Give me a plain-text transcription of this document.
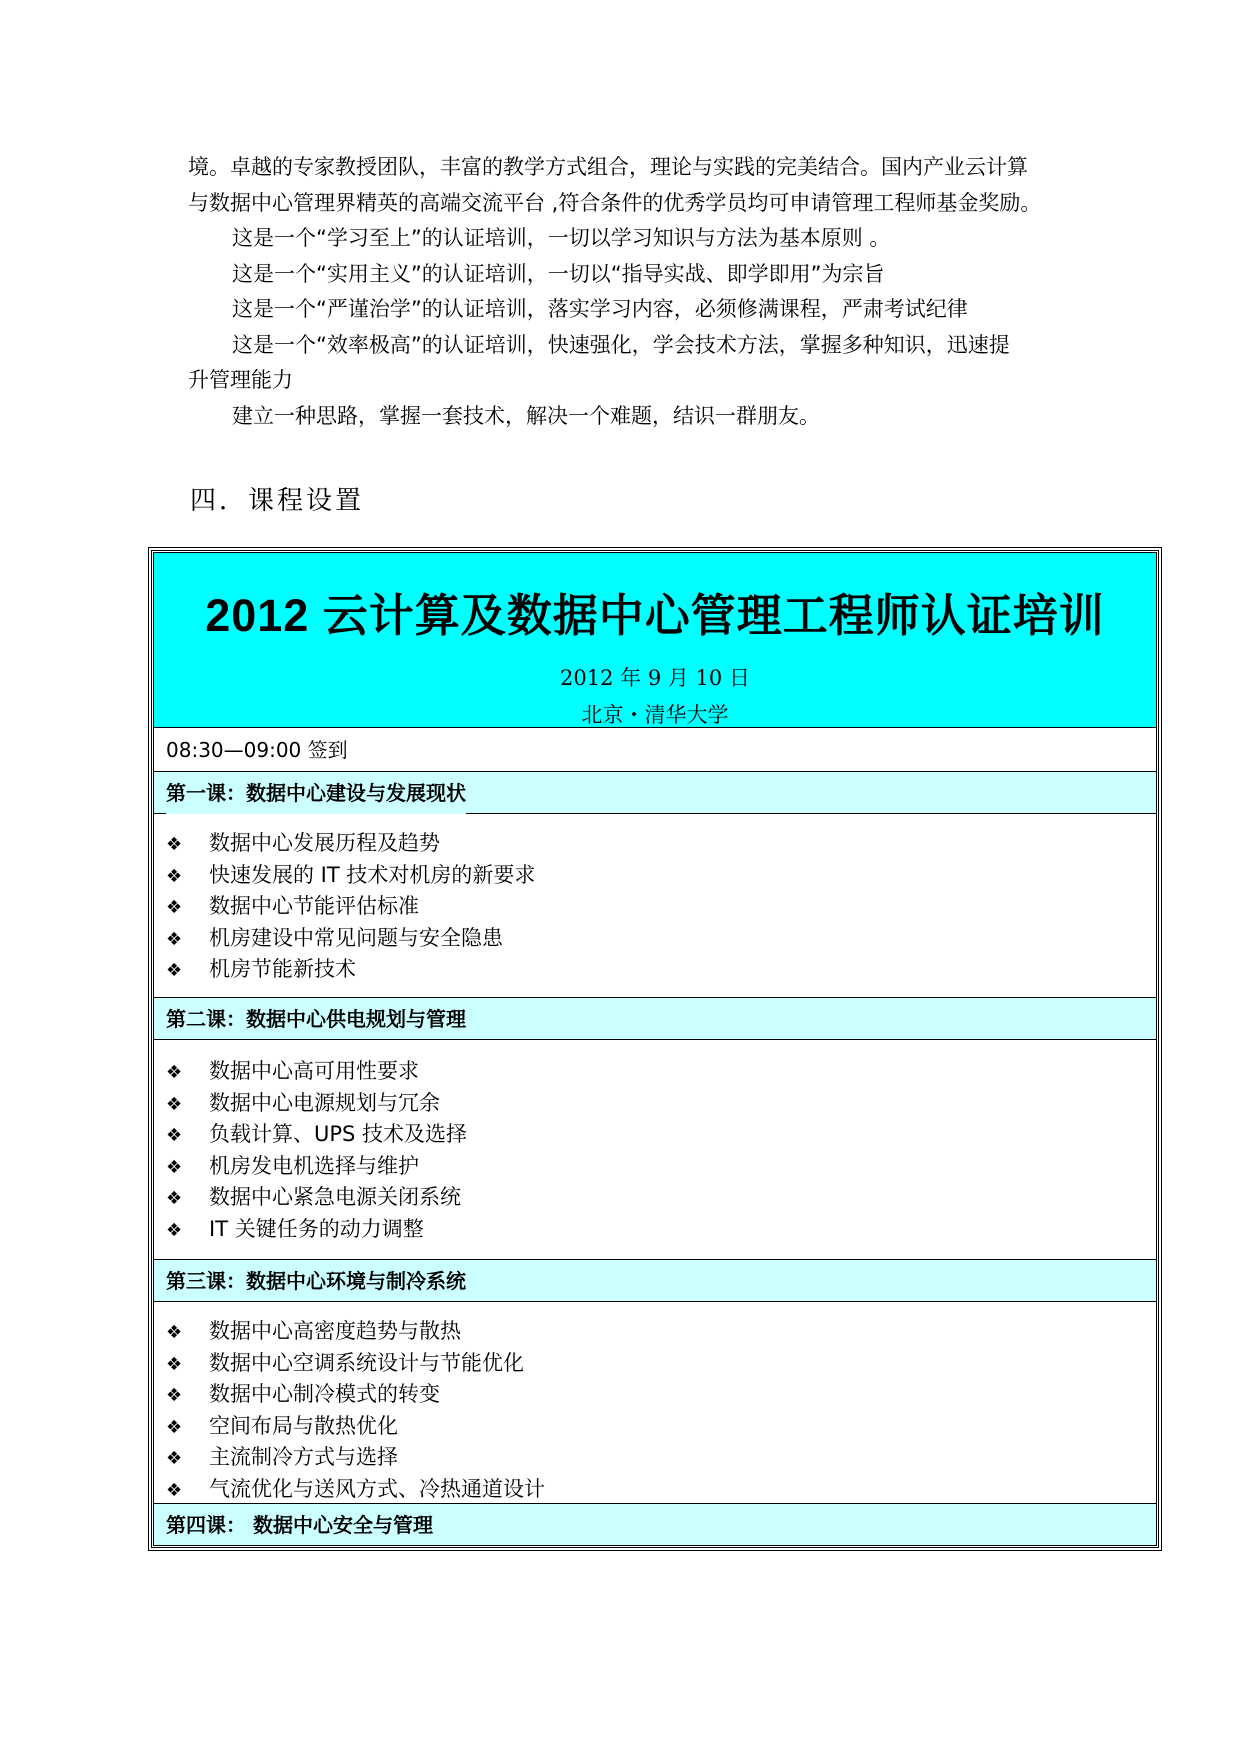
境。卓越的专家教授团队，丰富的教学方式组合，理论与实践的完美结合。国内产业云计算
与数据中心管理界精英的高端交流平台 ,符合条件的优秀学员均可申请管理工程师基金奖励。
这是一个“学习至上”的认证培训，一切以学习知识与方法为基本原则 。
这是一个“实用主义”的认证培训，一切以“指导实战、即学即用”为宗旨
这是一个“严谨治学”的认证培训，落实学习内容，必须修满课程，严肃考试纪律
这是一个“效率极高”的认证培训，快速强化，学会技术方法，掌握多种知识，迅速提
升管理能力
建立一种思路，掌握一套技术，解决一个难题，结识一群朋友。
四．课程设置
2012 云计算及数据中心管理工程师认证培训
2012 年 9 月 10 日
北京・清华大学
08:30—09:00 签到
第一课：数据中心建设与发展现状
❖ 数据中心发展历程及趋势
❖ 快速发展的 IT 技术对机房的新要求
❖ 数据中心节能评估标准
❖ 机房建设中常见问题与安全隐患
❖ 机房节能新技术
第二课：数据中心供电规划与管理
❖ 数据中心高可用性要求
❖ 数据中心电源规划与冗余
❖ 负载计算、UPS 技术及选择
❖ 机房发电机选择与维护
❖ 数据中心紧急电源关闭系统
❖ IT 关键任务的动力调整
第三课：数据中心环境与制冷系统
❖ 数据中心高密度趋势与散热
❖ 数据中心空调系统设计与节能优化
❖ 数据中心制冷模式的转变
❖ 空间布局与散热优化
❖ 主流制冷方式与选择
❖ 气流优化与送风方式、冷热通道设计
第四课： 数据中心安全与管理
